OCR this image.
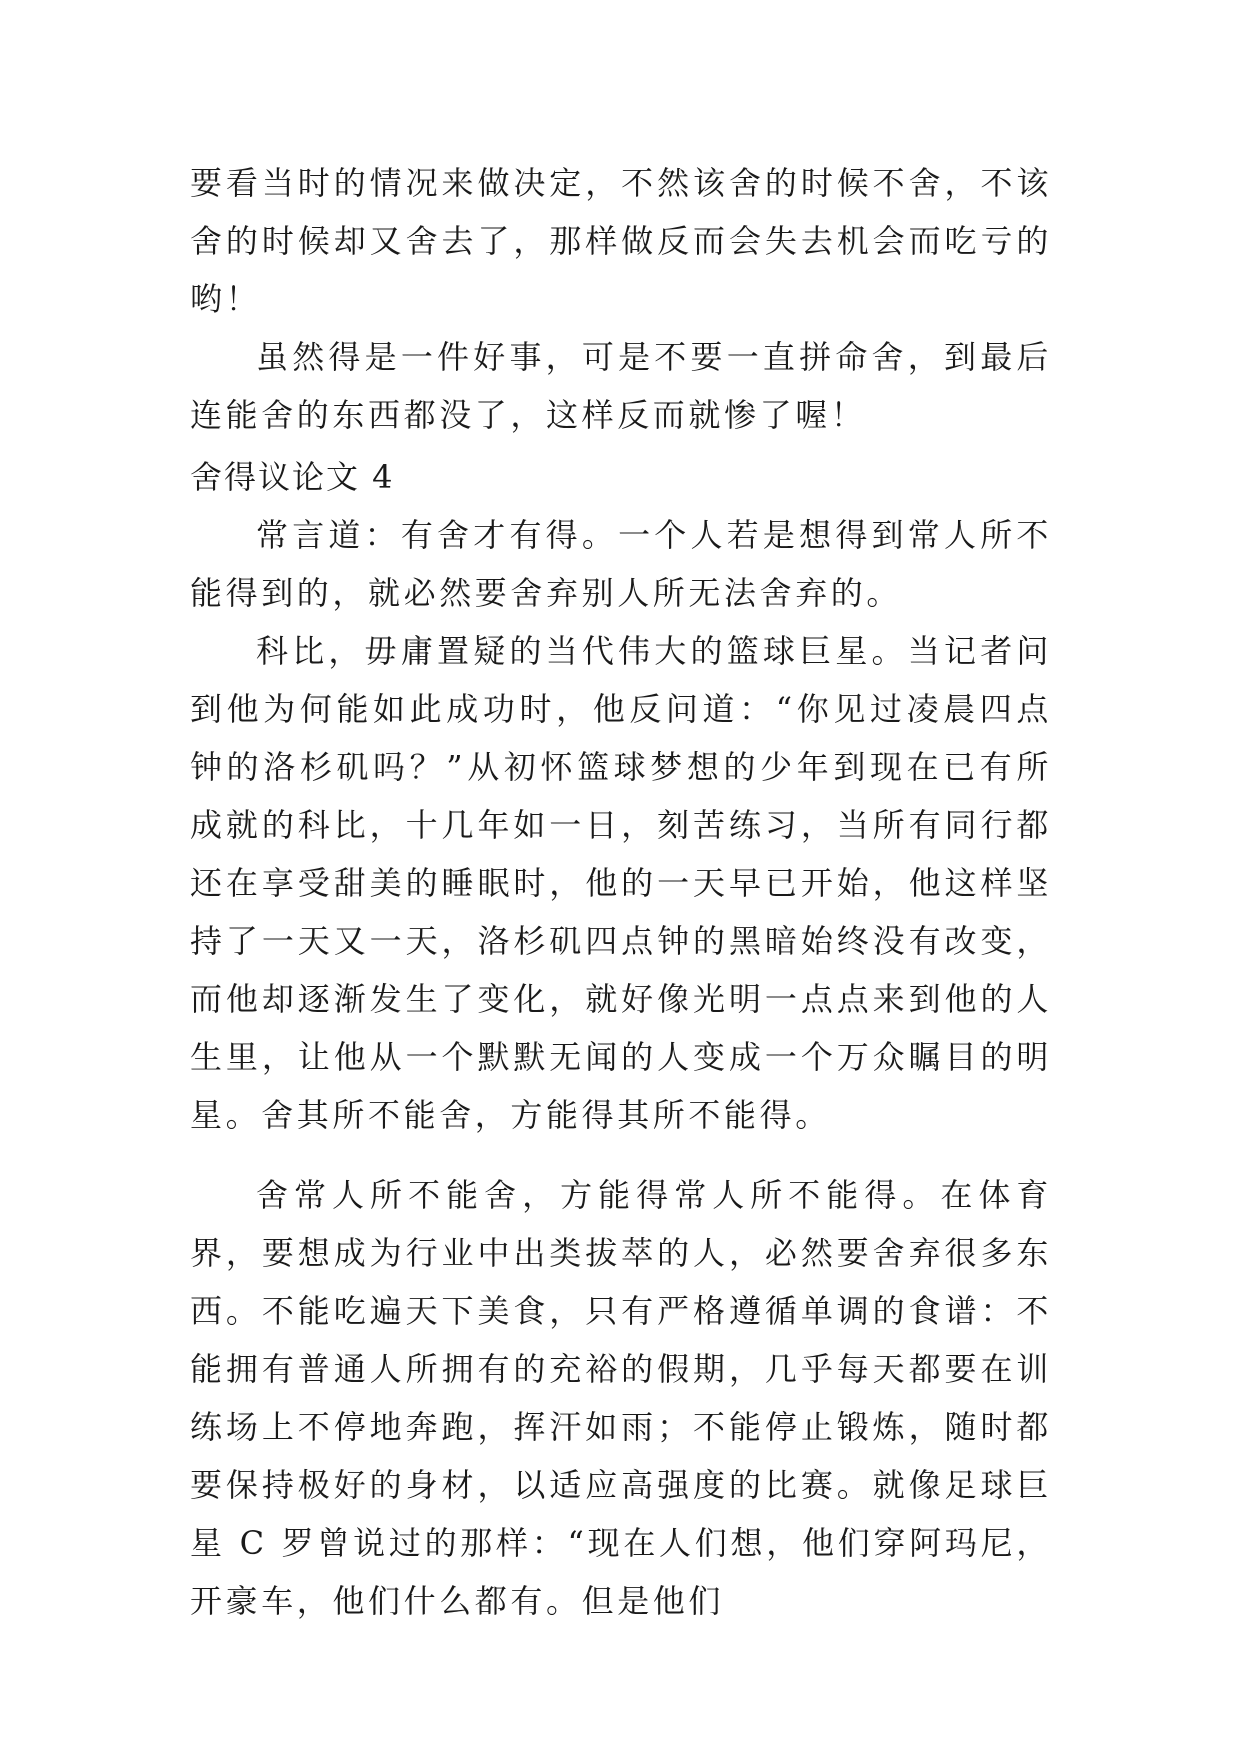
要看当时的情况来做决定，不然该舍的时候不舍，不该舍的时候却又舍去了，那样做反而会失去机会而吃亏的哟！

虽然得是一件好事，可是不要一直拼命舍，到最后连能舍的东西都没了，这样反而就惨了喔！

舍得议论文 4

常言道：有舍才有得。一个人若是想得到常人所不能得到的，就必然要舍弃别人所无法舍弃的。

科比，毋庸置疑的当代伟大的篮球巨星。当记者问到他为何能如此成功时，他反问道：“你见过凌晨四点钟的洛杉矶吗？”从初怀篮球梦想的少年到现在已有所成就的科比，十几年如一日，刻苦练习，当所有同行都还在享受甜美的睡眠时，他的一天早已开始，他这样坚持了一天又一天，洛杉矶四点钟的黑暗始终没有改变，而他却逐渐发生了变化，就好像光明一点点来到他的人生里，让他从一个默默无闻的人变成一个万众瞩目的明星。舍其所不能舍，方能得其所不能得。

舍常人所不能舍，方能得常人所不能得。在体育界，要想成为行业中出类拔萃的人，必然要舍弃很多东西。不能吃遍天下美食，只有严格遵循单调的食谱：不能拥有普通人所拥有的充裕的假期，几乎每天都要在训练场上不停地奔跑，挥汗如雨；不能停止锻炼，随时都要保持极好的身材，以适应高强度的比赛。就像足球巨星 C 罗曾说过的那样：“现在人们想，他们穿阿玛尼，开豪车，他们什么都有。但是他们
